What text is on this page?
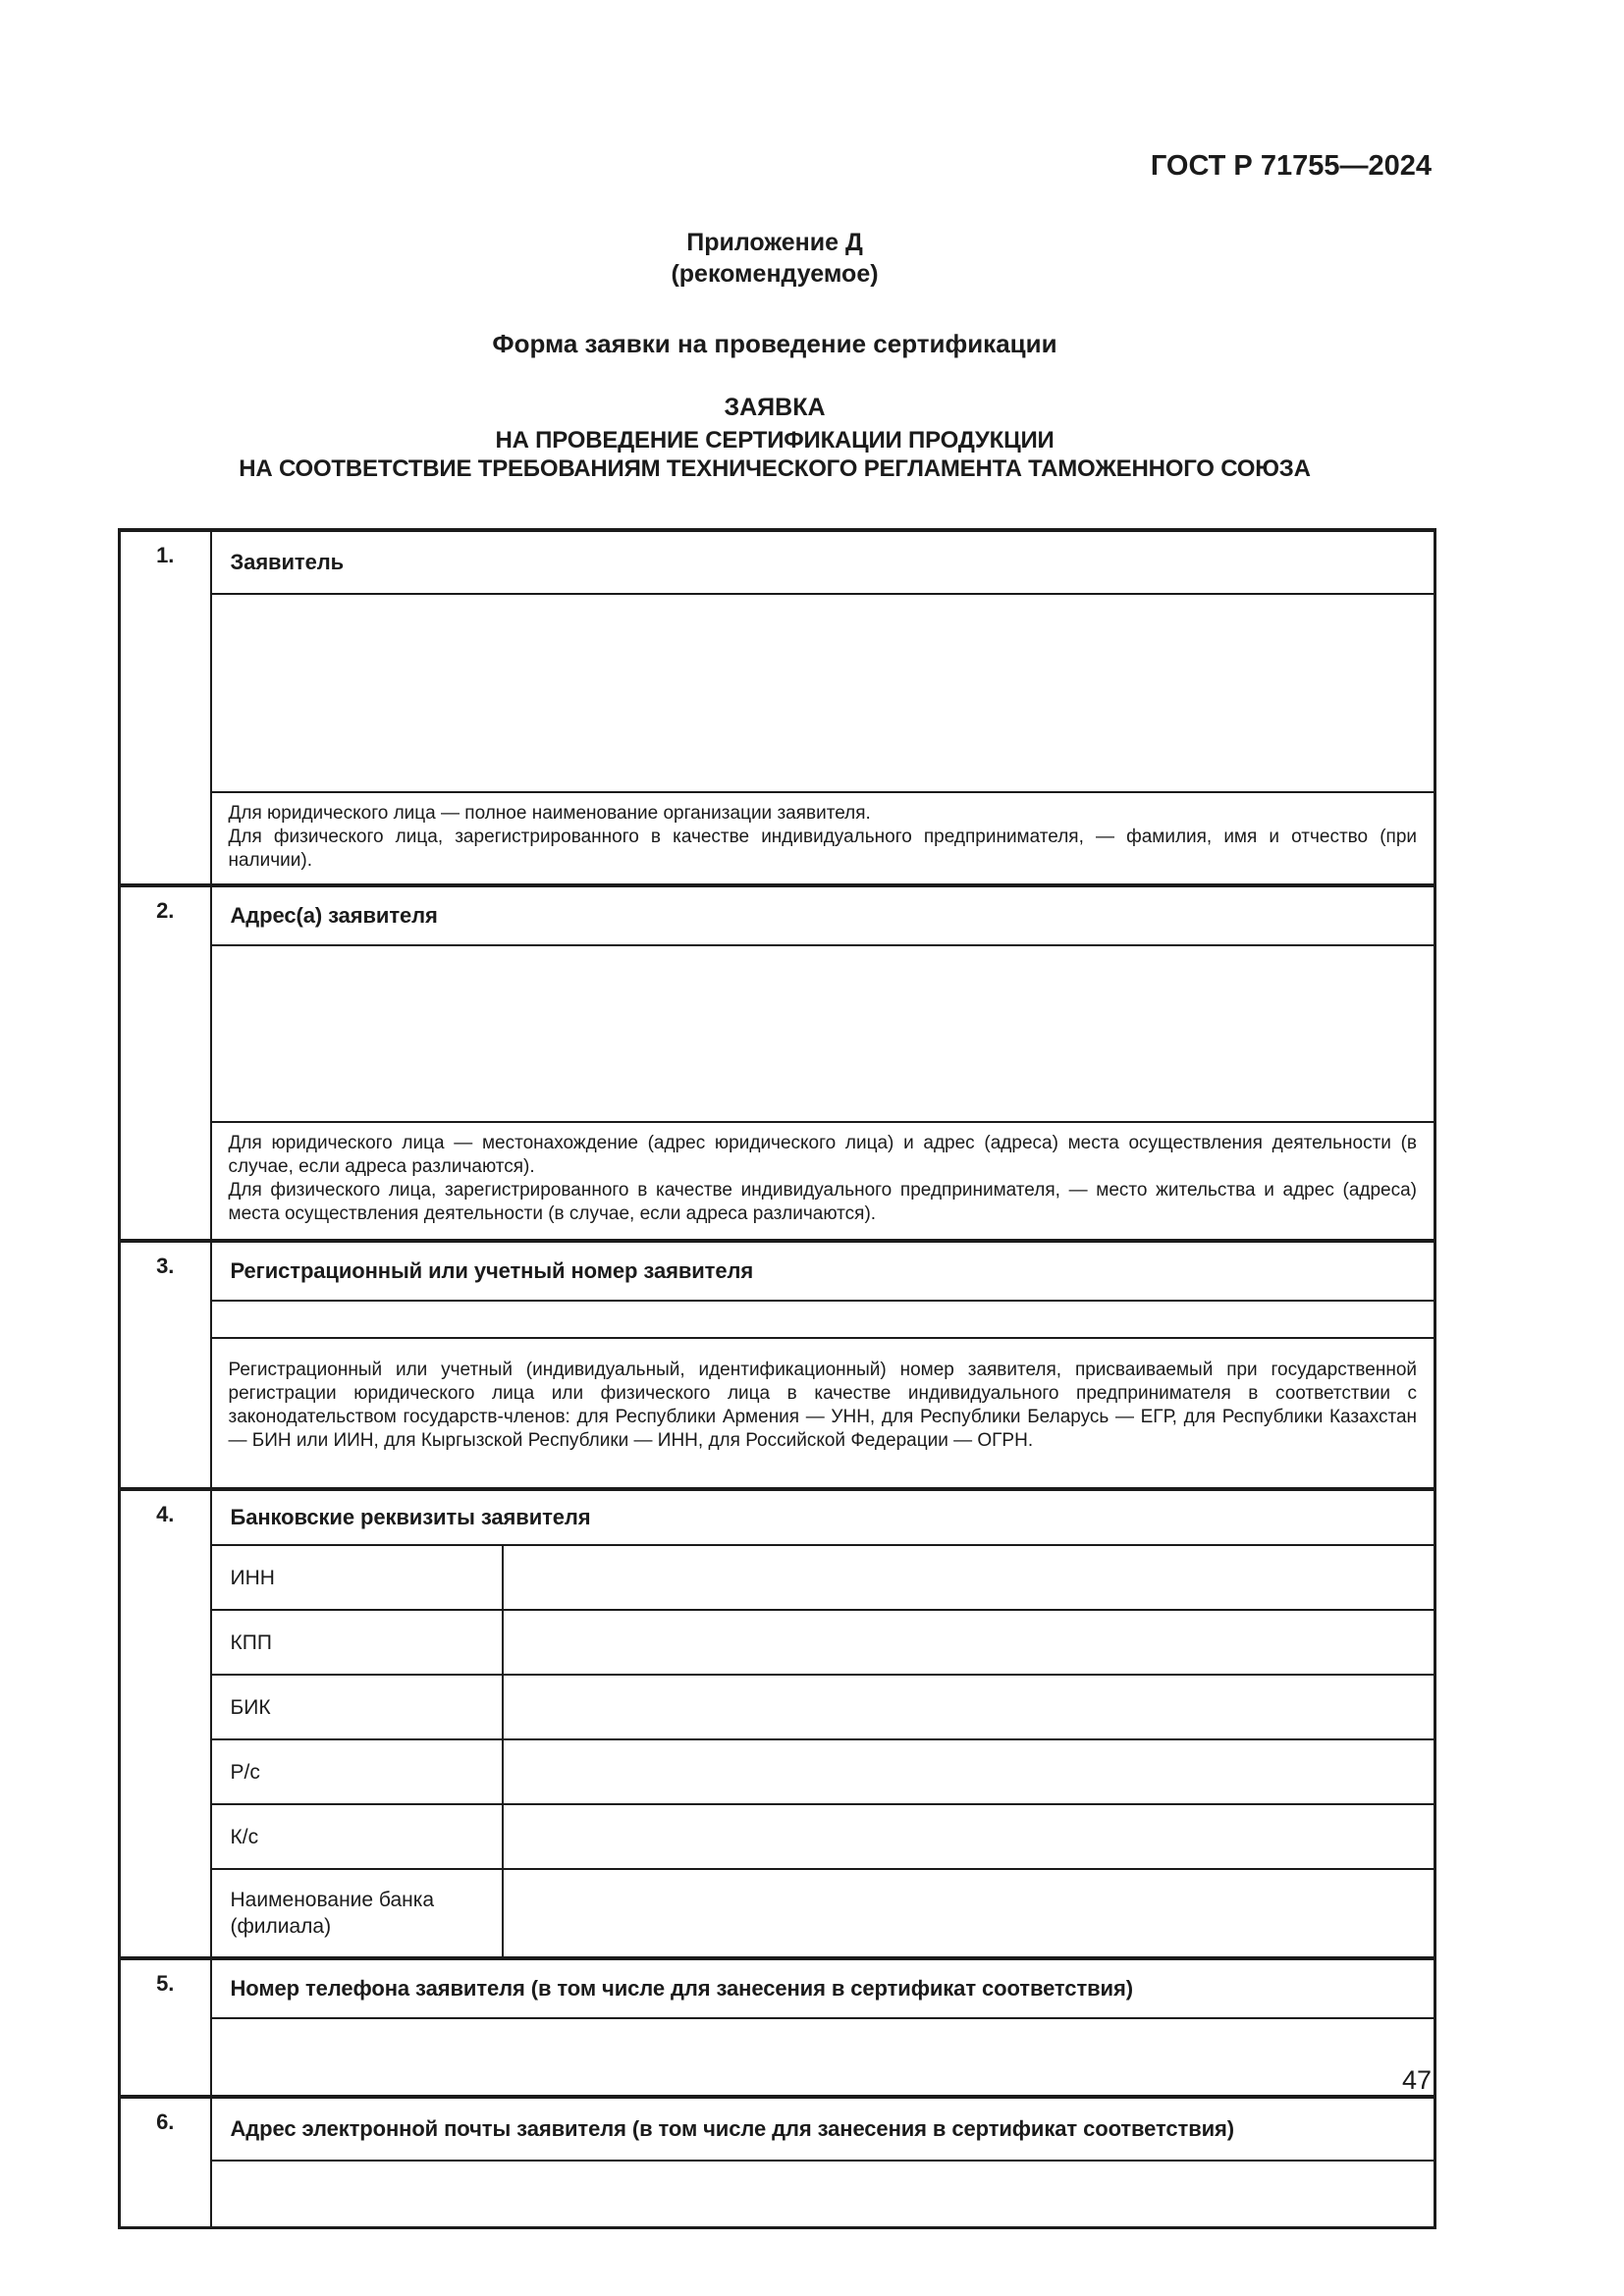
ГОСТ Р 71755—2024
Приложение Д
(рекомендуемое)
Форма заявки на проведение сертификации
ЗАЯВКА
НА ПРОВЕДЕНИЕ СЕРТИФИКАЦИИ ПРОДУКЦИИ
НА СООТВЕТСТВИЕ ТРЕБОВАНИЯМ ТЕХНИЧЕСКОГО РЕГЛАМЕНТА ТАМОЖЕННОГО СОЮЗА
1.	Заявитель	

	Для юридического лица — полное наименование организации заявителя.

Для физического лица, зарегистрированного в качестве индивидуального предпринимателя, — фамилия, имя и отчество (при наличии).	

2.	Адрес(а) заявителя	

	Для юридического лица — местонахождение (адрес юридического лица) и адрес (адреса) места осуществления деятельности (в случае, если адреса различаются).

Для физического лица, зарегистрированного в качестве индивидуального предпринимателя, — место жительства и адрес (адреса) места осуществления деятельности (в случае, если адреса различаются).	

3.	Регистрационный или учетный номер заявителя	

	Регистрационный или учетный (индивидуальный, идентификационный) номер заявителя, присваиваемый при государственной регистрации юридического лица или физического лица в качестве индивидуального предпринимателя в соответствии с законодательством государств-членов: для Республики Армения — УНН, для Республики Беларусь — ЕГР, для Республики Казахстан — БИН или ИИН, для Кыргызской Республики — ИНН, для Российской Федерации — ОГРН.	

4.	Банковские реквизиты заявителя	
	ИНН	
	КПП	
	БИК	
	Р/с	
	К/с	
	Наименование банка (филиала)	
5.	Номер телефона заявителя (в том числе для занесения в сертификат соответствия)	

6.	Адрес электронной почты заявителя (в том числе для занесения в сертификат соответствия)	

47
